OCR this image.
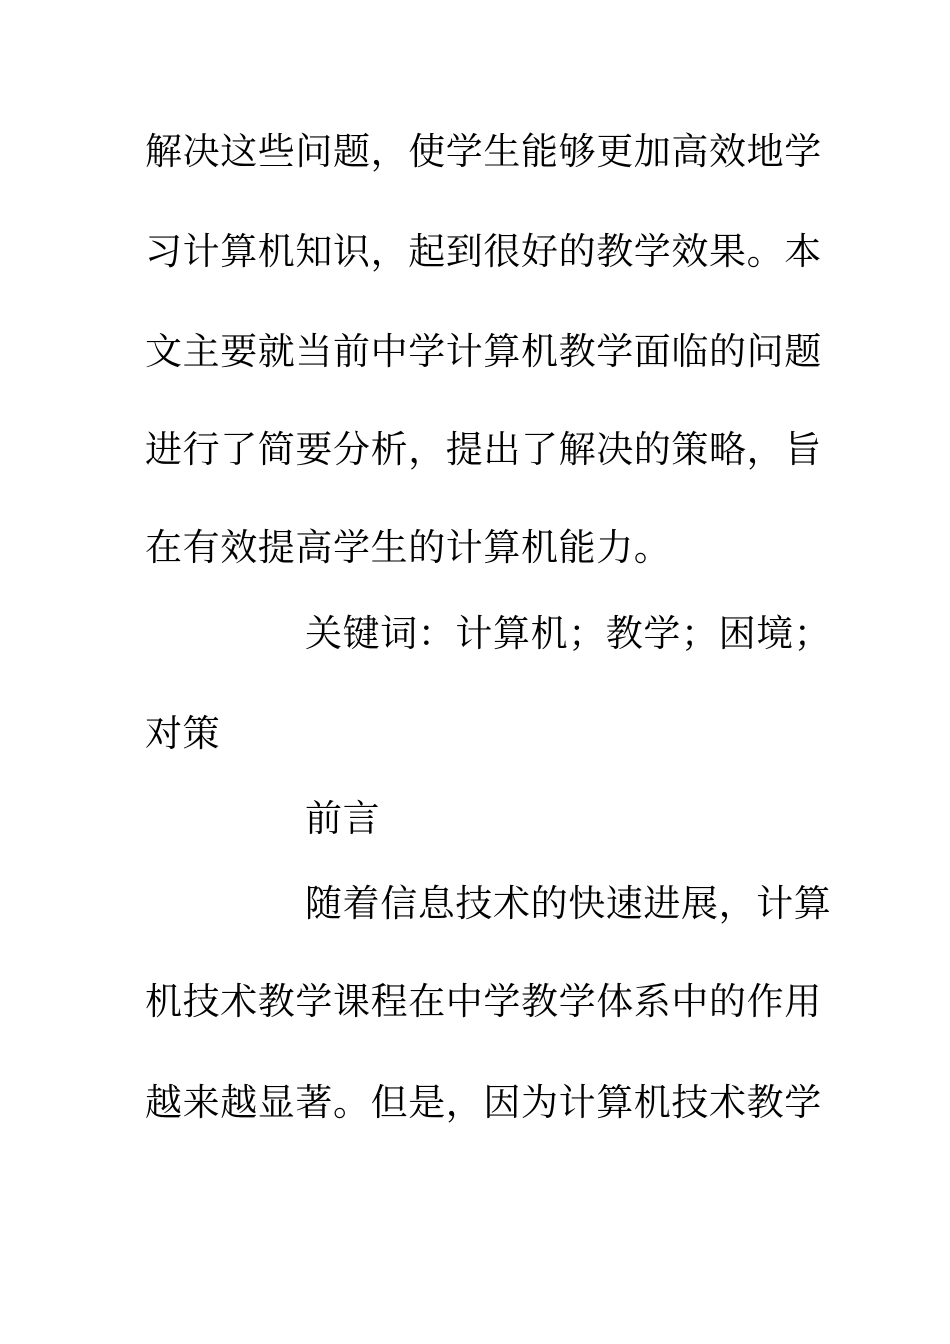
解决这些问题，使学生能够更加高效地学
习计算机知识，起到很好的教学效果。本
文主要就当前中学计算机教学面临的问题
进行了简要分析，提出了解决的策略，旨
在有效提高学生的计算机能力。
关键词：计算机；教学；困境；
对策
前言
随着信息技术的快速进展，计算
机技术教学课程在中学教学体系中的作用
越来越显著。但是，因为计算机技术教学
